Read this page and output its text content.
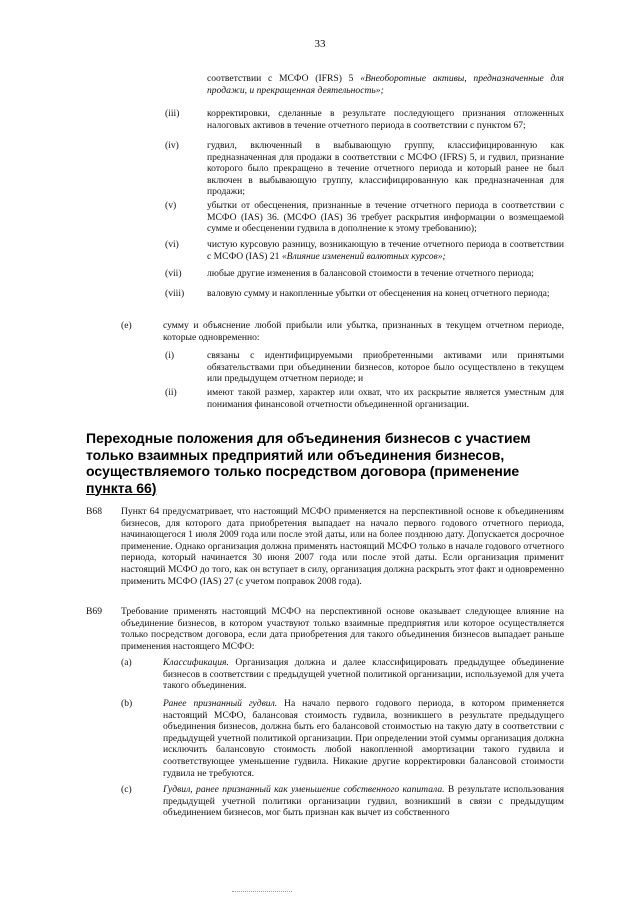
33
соответствии с МСФО (IFRS) 5 «Внеоборотные активы, предназначенные для продажи, и прекращенная деятельность»;
(iii)	корректировки, сделанные в результате последующего признания отложенных налоговых активов в течение отчетного периода в соответствии с пунктом 67;
(iv)	гудвил, включенный в выбывающую группу, классифицированную как предназначенная для продажи в соответствии с МСФО (IFRS) 5, и гудвил, признание которого было прекращено в течение отчетного периода и который ранее не был включен в выбывающую группу, классифицированную как предназначенная для продажи;
(v)	убытки от обесценения, признанные в течение отчетного периода в соответствии с МСФО (IAS) 36. (МСФО (IAS) 36 требует раскрытия информации о возмещаемой сумме и обесценении гудвила в дополнение к этому требованию);
(vi)	чистую курсовую разницу, возникающую в течение отчетного периода в соответствии с МСФО (IAS) 21 «Влияние изменений валютных курсов»;
(vii)	любые другие изменения в балансовой стоимости в течение отчетного периода;
(viii) валовую сумму и накопленные убытки от обесценения на конец отчетного периода;
(e)	сумму и объяснение любой прибыли или убытка, признанных в текущем отчетном периоде, которые одновременно:
(i)	связаны с идентифицируемыми приобретенными активами или принятыми обязательствами при объединении бизнесов, которое было осуществлено в текущем или предыдущем отчетном периоде; и
(ii)	имеют такой размер, характер или охват, что их раскрытие является уместным для понимания финансовой отчетности объединенной организации.
Переходные положения для объединения бизнесов с участием только взаимных предприятий или объединения бизнесов, осуществляемого только посредством договора (применение пункта 66)
B68 Пункт 64 предусматривает, что настоящий МСФО применяется на перспективной основе к объединениям бизнесов, для которого дата приобретения выпадает на начало первого годового отчетного периода, начинающегося 1 июля 2009 года или после этой даты, или на более позднюю дату. Допускается досрочное применение. Однако организация должна применять настоящий МСФО только в начале годового отчетного периода, который начинается 30 июня 2007 года или после этой даты. Если организация применит настоящий МСФО до того, как он вступает в силу, организация должна раскрыть этот факт и одновременно применить МСФО (IAS) 27 (с учетом поправок 2008 года).
B69 Требование применять настоящий МСФО на перспективной основе оказывает следующее влияние на объединение бизнесов, в котором участвуют только взаимные предприятия или которое осуществляется только посредством договора, если дата приобретения для такого объединения бизнесов выпадает раньше применения настоящего МСФО:
(a)	Классификация. Организация должна и далее классифицировать предыдущее объединение бизнесов в соответствии с предыдущей учетной политикой организации, используемой для учета такого объединения.
(b)	Ранее признанный гудвил. На начало первого годового периода, в котором применяется настоящий МСФО, балансовая стоимость гудвила, возникшего в результате предыдущего объединения бизнесов, должна быть его балансовой стоимостью на такую дату в соответствии с предыдущей учетной политикой организации. При определении этой суммы организация должна исключить балансовую стоимость любой накопленной амортизации такого гудвила и соответствующее уменьшение гудвила. Никакие другие корректировки балансовой стоимости гудвила не требуются.
(c)	Гудвил, ранее признанный как уменьшение собственного капитала. В результате использования предыдущей учетной политики организации гудвил, возникший в связи с предыдущим объединением бизнесов, мог быть признан как вычет из собственного
